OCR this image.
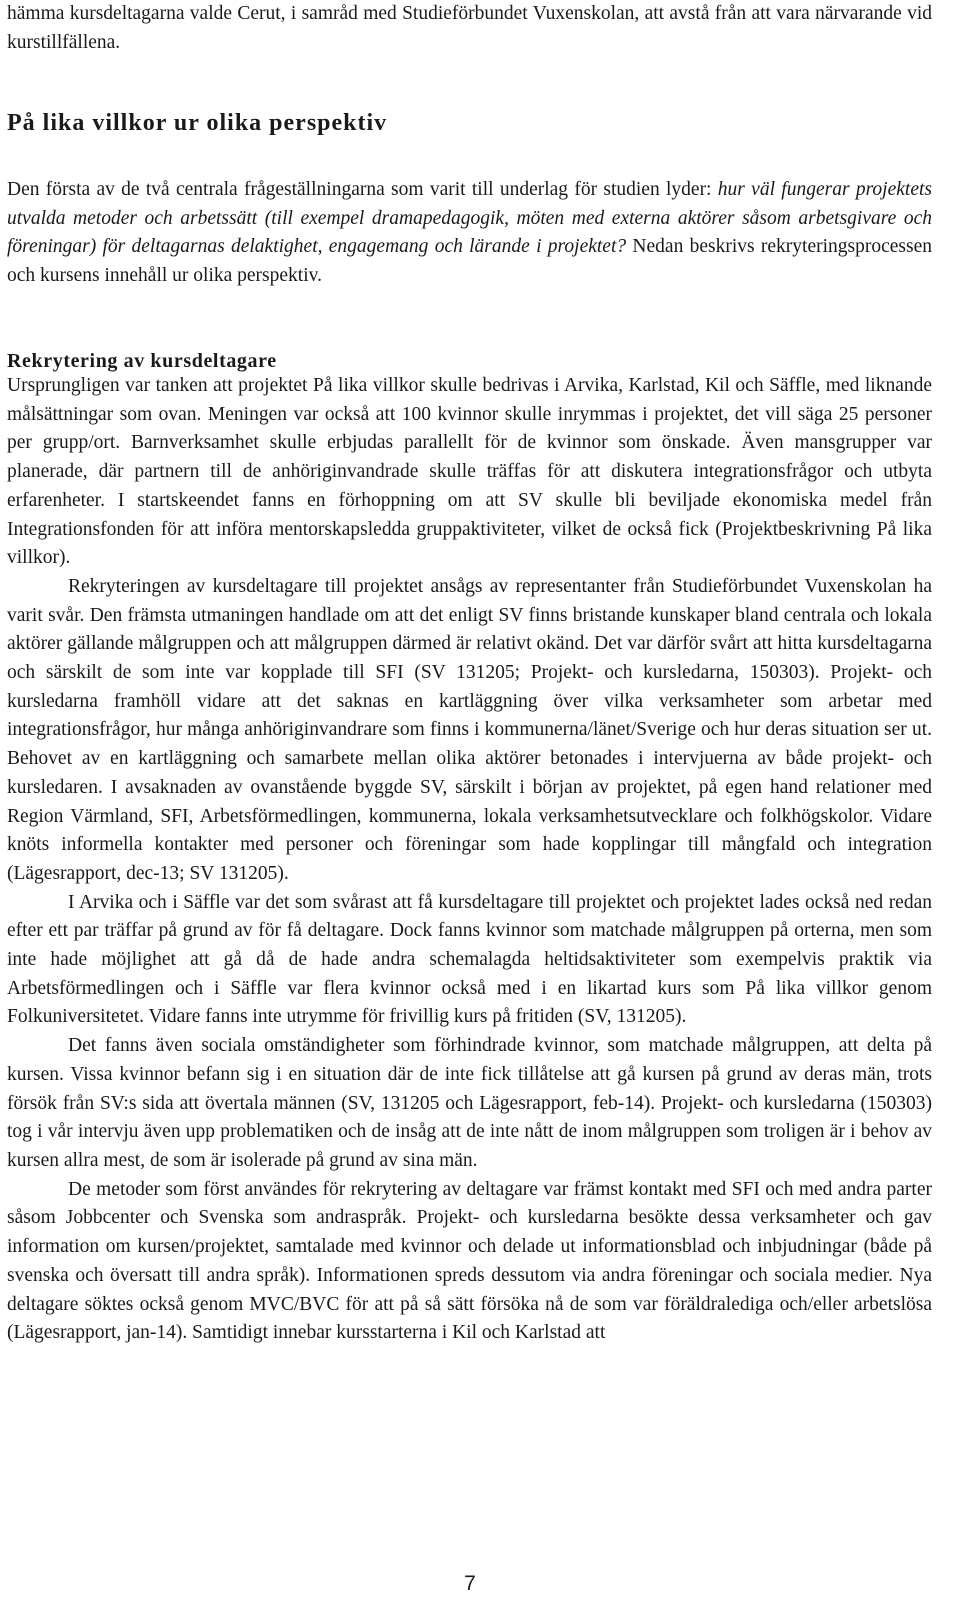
hämma kursdeltagarna valde Cerut, i samråd med Studieförbundet Vuxenskolan, att avstå från att vara närvarande vid kurstillfällena.

På lika villkor ur olika perspektiv

Den första av de två centrala frågeställningarna som varit till underlag för studien lyder: hur väl fungerar projektets utvalda metoder och arbetssätt (till exempel dramapedagogik, möten med externa aktörer såsom arbetsgivare och föreningar) för deltagarnas delaktighet, engagemang och lärande i projektet? Nedan beskrivs rekryteringsprocessen och kursens innehåll ur olika perspektiv.

Rekrytering av kursdeltagare

Ursprungligen var tanken att projektet På lika villkor skulle bedrivas i Arvika, Karlstad, Kil och Säffle, med liknande målsättningar som ovan. Meningen var också att 100 kvinnor skulle inrymmas i projektet, det vill säga 25 personer per grupp/ort. Barnverksamhet skulle erbjudas parallellt för de kvinnor som önskade. Även mansgrupper var planerade, där partnern till de anhöriginvandrade skulle träffas för att diskutera integrationsfrågor och utbyta erfarenheter. I startskeendet fanns en förhoppning om att SV skulle bli beviljade ekonomiska medel från Integrationsfonden för att införa mentorskapsledda gruppaktiviteter, vilket de också fick (Projektbeskrivning På lika villkor).

Rekryteringen av kursdeltagare till projektet ansågs av representanter från Studieförbundet Vuxenskolan ha varit svår. Den främsta utmaningen handlade om att det enligt SV finns bristande kunskaper bland centrala och lokala aktörer gällande målgruppen och att målgruppen därmed är relativt okänd. Det var därför svårt att hitta kursdeltagarna och särskilt de som inte var kopplade till SFI (SV 131205; Projekt- och kursledarna, 150303). Projekt- och kursledarna framhöll vidare att det saknas en kartläggning över vilka verksamheter som arbetar med integrationsfrågor, hur många anhöriginvandrare som finns i kommunerna/länet/Sverige och hur deras situation ser ut. Behovet av en kartläggning och samarbete mellan olika aktörer betonades i intervjuerna av både projekt- och kursledaren. I avsaknaden av ovanstående byggde SV, särskilt i början av projektet, på egen hand relationer med Region Värmland, SFI, Arbetsförmedlingen, kommunerna, lokala verksamhetsutvecklare och folkhögskolor. Vidare knöts informella kontakter med personer och föreningar som hade kopplingar till mångfald och integration (Lägesrapport, dec-13; SV 131205).

I Arvika och i Säffle var det som svårast att få kursdeltagare till projektet och projektet lades också ned redan efter ett par träffar på grund av för få deltagare. Dock fanns kvinnor som matchade målgruppen på orterna, men som inte hade möjlighet att gå då de hade andra schemalagda heltidsaktiviteter som exempelvis praktik via Arbetsförmedlingen och i Säffle var flera kvinnor också med i en likartad kurs som På lika villkor genom Folkuniversitetet. Vidare fanns inte utrymme för frivillig kurs på fritiden (SV, 131205).

Det fanns även sociala omständigheter som förhindrade kvinnor, som matchade målgruppen, att delta på kursen. Vissa kvinnor befann sig i en situation där de inte fick tillåtelse att gå kursen på grund av deras män, trots försök från SV:s sida att övertala männen (SV, 131205 och Lägesrapport, feb-14). Projekt- och kursledarna (150303) tog i vår intervju även upp problematiken och de insåg att de inte nått de inom målgruppen som troligen är i behov av kursen allra mest, de som är isolerade på grund av sina män.

De metoder som först användes för rekrytering av deltagare var främst kontakt med SFI och med andra parter såsom Jobbcenter och Svenska som andraspråk. Projekt- och kursledarna besökte dessa verksamheter och gav information om kursen/projektet, samtalade med kvinnor och delade ut informationsblad och inbjudningar (både på svenska och översatt till andra språk). Informationen spreds dessutom via andra föreningar och sociala medier. Nya deltagare söktes också genom MVC/BVC för att på så sätt försöka nå de som var föräldralediga och/eller arbetslösa (Lägesrapport, jan-14). Samtidigt innebar kursstarterna i Kil och Karlstad att

7
